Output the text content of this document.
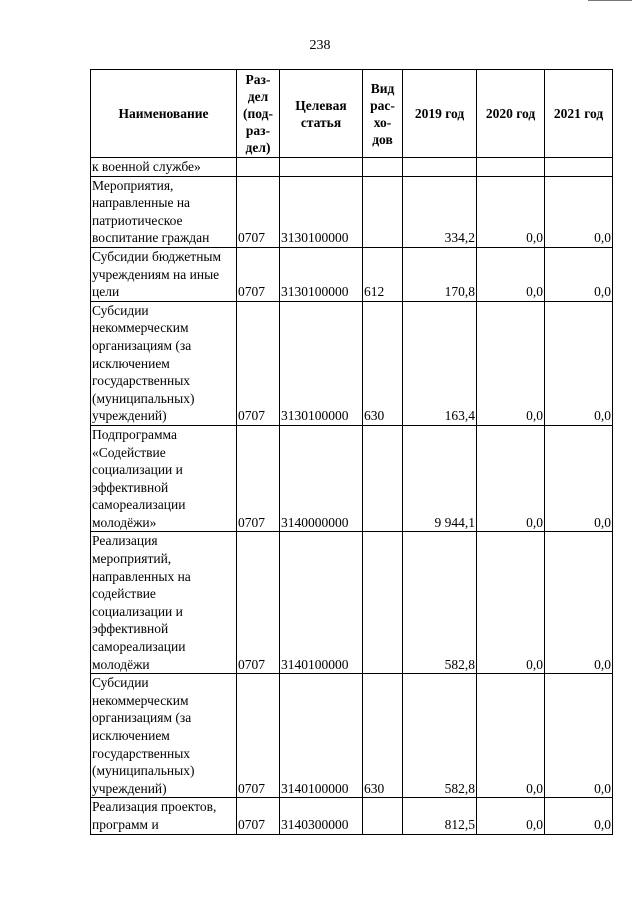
238
Наименование	Раз-дел (под-раз-дел)	Целевая статья	Вид рас-хо-дов	2019 год	2020 год	2021 год
к военной службе»						
Мероприятия, направленные на патриотическое воспитание граждан	0707	3130100000		334,2	0,0	0,0
Субсидии бюджетным учреждениям на иные цели	0707	3130100000	612	170,8	0,0	0,0
Субсидии некоммерческим организациям (за исключением государственных (муниципальных) учреждений)	0707	3130100000	630	163,4	0,0	0,0
Подпрограмма «Содействие социализации и эффективной самореализации молодёжи»	0707	3140000000		9 944,1	0,0	0,0
Реализация мероприятий, направленных на содействие социализации и эффективной самореализации молодёжи	0707	3140100000		582,8	0,0	0,0
Субсидии некоммерческим организациям (за исключением государственных (муниципальных) учреждений)	0707	3140100000	630	582,8	0,0	0,0
Реализация проектов, программ и	0707	3140300000		812,5	0,0	0,0
